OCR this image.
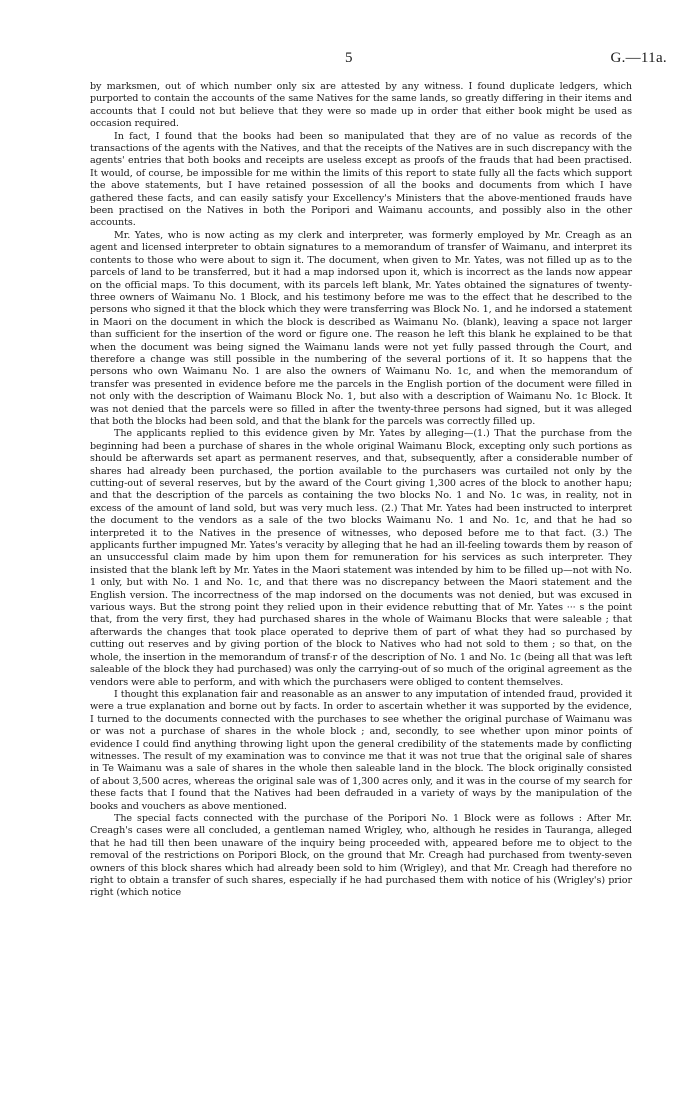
5	G.—11a.

by marksmen, out of which number only six are attested by any witness. I found duplicate ledgers, which purported to contain the accounts of the same Natives for the same lands, so greatly differing in their items and accounts that I could not but believe that they were so made up in order that either book might be used as occasion required.

In fact, I found that the books had been so manipulated that they are of no value as records of the transactions of the agents with the Natives, and that the receipts of the Natives are in such discrepancy with the agents' entries that both books and receipts are useless except as proofs of the frauds that had been practised. It would, of course, be impossible for me within the limits of this report to state fully all the facts which support the above statements, but I have retained possession of all the books and documents from which I have gathered these facts, and can easily satisfy your Excellency's Ministers that the above-mentioned frauds have been practised on the Natives in both the Poripori and Waimanu accounts, and possibly also in the other accounts.

Mr. Yates, who is now acting as my clerk and interpreter, was formerly employed by Mr. Creagh as an agent and licensed interpreter to obtain signatures to a memorandum of transfer of Waimanu, and interpret its contents to those who were about to sign it. The document, when given to Mr. Yates, was not filled up as to the parcels of land to be transferred, but it had a map indorsed upon it, which is incorrect as the lands now appear on the official maps. To this document, with its parcels left blank, Mr. Yates obtained the signatures of twenty-three owners of Waimanu No. 1 Block, and his testimony before me was to the effect that he described to the persons who signed it that the block which they were transferring was Block No. 1, and he indorsed a statement in Maori on the document in which the block is described as Waimanu No. (blank), leaving a space not larger than sufficient for the insertion of the word or figure one. The reason he left this blank he explained to be that when the document was being signed the Waimanu lands were not yet fully passed through the Court, and therefore a change was still possible in the numbering of the several portions of it. It so happens that the persons who own Waimanu No. 1 are also the owners of Waimanu No. 1c, and when the memorandum of transfer was presented in evidence before me the parcels in the English portion of the document were filled in not only with the description of Waimanu Block No. 1, but also with a description of Waimanu No. 1c Block. It was not denied that the parcels were so filled in after the twenty-three persons had signed, but it was alleged that both the blocks had been sold, and that the blank for the parcels was correctly filled up.

The applicants replied to this evidence given by Mr. Yates by alleging—(1.) That the purchase from the beginning had been a purchase of shares in the whole original Waimanu Block, excepting only such portions as should be afterwards set apart as permanent reserves, and that, subsequently, after a considerable number of shares had already been purchased, the portion available to the purchasers was curtailed not only by the cutting-out of several reserves, but by the award of the Court giving 1,300 acres of the block to another hapu; and that the description of the parcels as containing the two blocks No. 1 and No. 1c was, in reality, not in excess of the amount of land sold, but was very much less. (2.) That Mr. Yates had been instructed to interpret the document to the vendors as a sale of the two blocks Waimanu No. 1 and No. 1c, and that he had so interpreted it to the Natives in the presence of witnesses, who deposed before me to that fact. (3.) The applicants further impugned Mr. Yates's veracity by alleging that he had an ill-feeling towards them by reason of an unsuccessful claim made by him upon them for remuneration for his services as such interpreter. They insisted that the blank left by Mr. Yates in the Maori statement was intended by him to be filled up—not with No. 1 only, but with No. 1 and No. 1c, and that there was no discrepancy between the Maori statement and the English version. The incorrectness of the map indorsed on the documents was not denied, but was excused in various ways. But the strong point they relied upon in their evidence rebutting that of Mr. Yates ··· s the point that, from the very first, they had purchased shares in the whole of Waimanu Blocks that were saleable ; that afterwards the changes that took place operated to deprive them of part of what they had so purchased by cutting out reserves and by giving portion of the block to Natives who had not sold to them ; so that, on the whole, the insertion in the memorandum of transf·r of the description of No. 1 and No. 1c (being all that was left saleable of the block they had purchased) was only the carrying-out of so much of the original agreement as the vendors were able to perform, and with which the purchasers were obliged to content themselves.

I thought this explanation fair and reasonable as an answer to any imputation of intended fraud, provided it were a true explanation and borne out by facts. In order to ascertain whether it was supported by the evidence, I turned to the documents connected with the purchases to see whether the original purchase of Waimanu was or was not a purchase of shares in the whole block ; and, secondly, to see whether upon minor points of evidence I could find anything throwing light upon the general credibility of the statements made by conflicting witnesses. The result of my examination was to convince me that it was not true that the original sale of shares in Te Waimanu was a sale of shares in the whole then saleable land in the block. The block originally consisted of about 3,500 acres, whereas the original sale was of 1,300 acres only, and it was in the course of my search for these facts that I found that the Natives had been defrauded in a variety of ways by the manipulation of the books and vouchers as above mentioned.

The special facts connected with the purchase of the Poripori No. 1 Block were as follows : After Mr. Creagh's cases were all concluded, a gentleman named Wrigley, who, although he resides in Tauranga, alleged that he had till then been unaware of the inquiry being proceeded with, appeared before me to object to the removal of the restrictions on Poripori Block, on the ground that Mr. Creagh had purchased from twenty-seven owners of this block shares which had already been sold to him (Wrigley), and that Mr. Creagh had therefore no right to obtain a transfer of such shares, especially if he had purchased them with notice of his (Wrigley's) prior right (which notice
